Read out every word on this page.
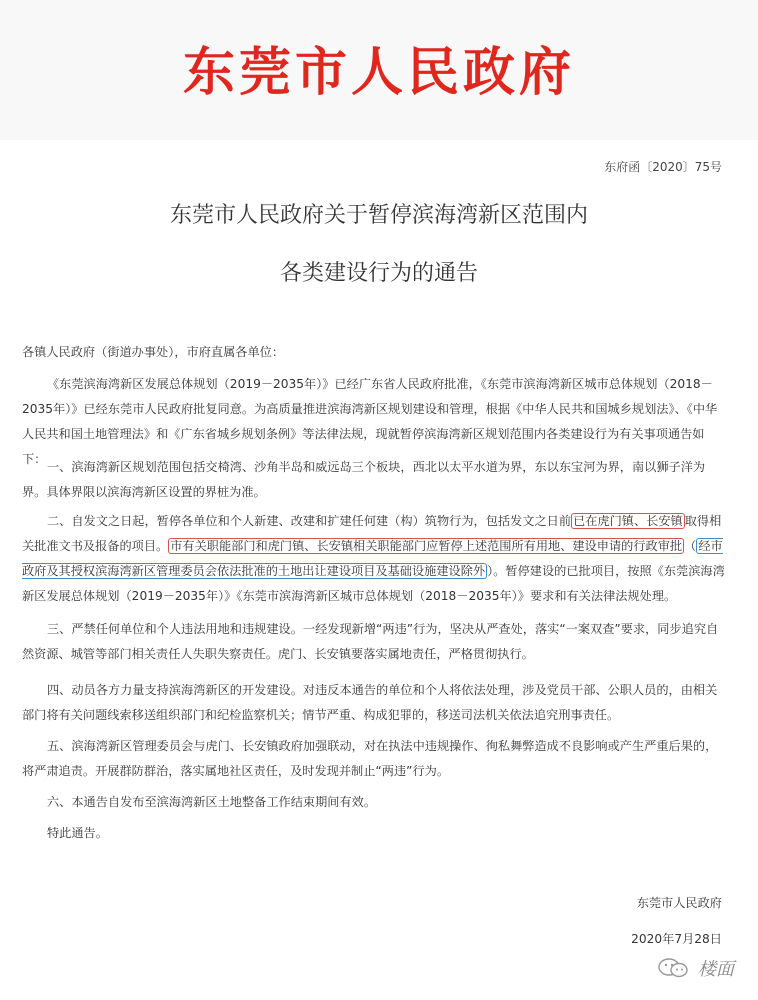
东莞市人民政府
东府函〔2020〕75号
东莞市人民政府关于暂停滨海湾新区范围内
各类建设行为的通告

各镇人民政府（街道办事处），市府直属各单位：

《东莞滨海湾新区发展总体规划（2019－2035年）》已经广东省人民政府批准，《东莞市滨海湾新区城市总体规划（2018－2035年）》已经东莞市人民政府批复同意。为高质量推进滨海湾新区规划建设和管理，根据《中华人民共和国城乡规划法》、《中华人民共和国土地管理法》和《广东省城乡规划条例》等法律法规，现就暂停滨海湾新区规划范围内各类建设行为有关事项通告如下：

一、滨海湾新区规划范围包括交椅湾、沙角半岛和威远岛三个板块，西北以太平水道为界，东以东宝河为界，南以狮子洋为界。具体界限以滨海湾新区设置的界桩为准。

二、自发文之日起，暂停各单位和个人新建、改建和扩建任何建（构）筑物行为，包括发文之日前 已在虎门镇、长安镇 取得相关批准文书及报备的项目。 市有关职能部门和虎门镇、长安镇相关职能部门应暂停上述范围所有用地、建设申请的行政审批 （ 经市政府及其授权滨海湾新区管理委员会依法批准的土地出让建设项目及基础设施建设除外 ）。暂停建设的已批项目，按照《东莞滨海湾新区发展总体规划（2019－2035年）》《东莞市滨海湾新区城市总体规划（2018－2035年）》要求和有关法律法规处理。

三、严禁任何单位和个人违法用地和违规建设。一经发现新增“两违”行为，坚决从严查处，落实“一案双查”要求，同步追究自然资源、城管等部门相关责任人失职失察责任。虎门、长安镇要落实属地责任，严格贯彻执行。

四、动员各方力量支持滨海湾新区的开发建设。对违反本通告的单位和个人将依法处理，涉及党员干部、公职人员的，由相关部门将有关问题线索移送组织部门和纪检监察机关；情节严重、构成犯罪的，移送司法机关依法追究刑事责任。

五、滨海湾新区管理委员会与虎门、长安镇政府加强联动，对在执法中违规操作、徇私舞弊造成不良影响或产生严重后果的，将严肃追责。开展群防群治，落实属地社区责任，及时发现并制止“两违”行为。

六、本通告自发布至滨海湾新区土地整备工作结束期间有效。

特此通告。

东莞市人民政府
2020年7月28日
楼面
